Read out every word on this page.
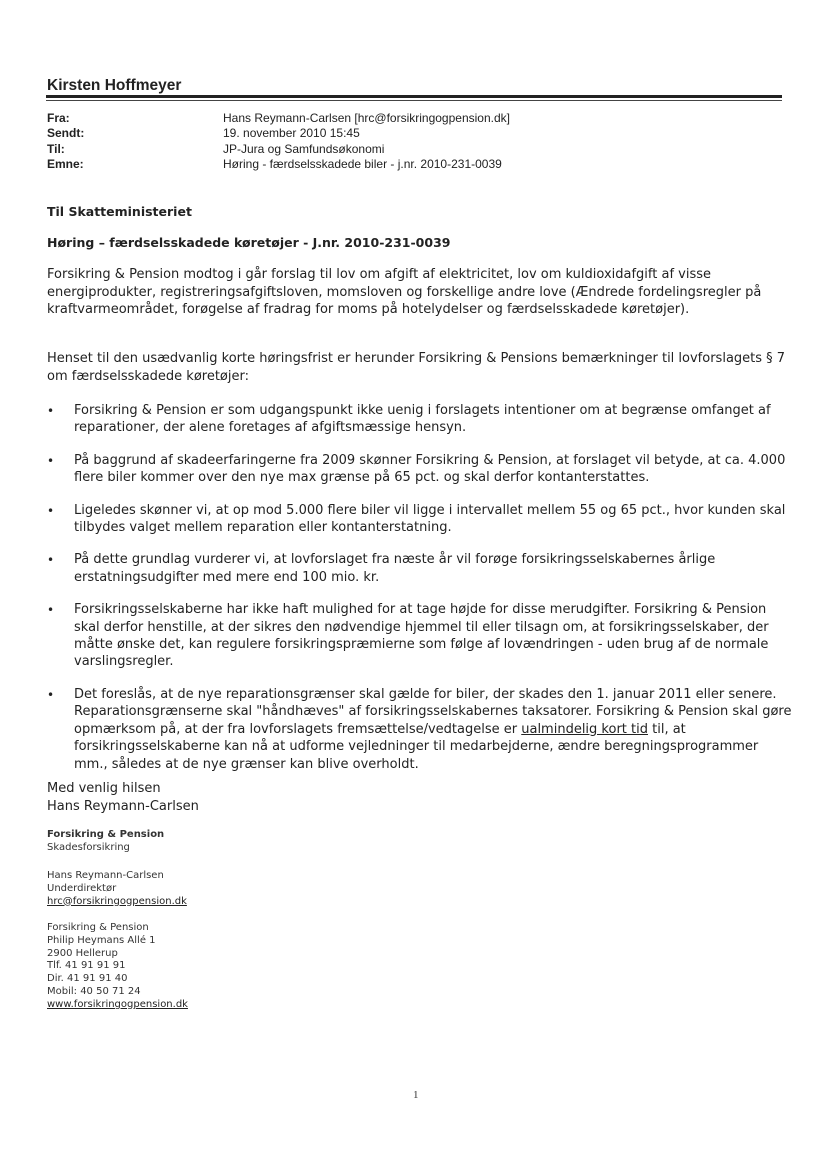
Kirsten Hoffmeyer
Fra:	Hans Reymann-Carlsen [hrc@forsikringogpension.dk]
Sendt:	19. november 2010 15:45
Til:	JP-Jura og Samfundsøkonomi
Emne:	Høring - færdselsskadede biler - j.nr. 2010-231-0039
Til Skatteministeriet
Høring – færdselsskadede køretøjer - J.nr. 2010-231-0039
Forsikring & Pension modtog i går forslag til lov om afgift af elektricitet, lov om kuldioxidafgift af visse energiprodukter, registreringsafgiftsloven, momsloven og forskellige andre love (Ændrede fordelingsregler på kraftvarmeområdet, forøgelse af fradrag for moms på hotelydelser og færdselsskadede køretøjer).
Henset til den usædvanlig korte høringsfrist er herunder Forsikring & Pensions bemærkninger til lovforslagets § 7 om færdselsskadede køretøjer:
• Forsikring & Pension er som udgangspunkt ikke uenig i forslagets intentioner om at begrænse omfanget af reparationer, der alene foretages af afgiftsmæssige hensyn.
• På baggrund af skadeerfaringerne fra 2009 skønner Forsikring & Pension, at forslaget vil betyde, at ca. 4.000 flere biler kommer over den nye max grænse på 65 pct. og skal derfor kontanterstattes.
• Ligeledes skønner vi, at op mod 5.000 flere biler vil ligge i intervallet mellem 55 og 65 pct., hvor kunden skal tilbydes valget mellem reparation eller kontanterstatning.
• På dette grundlag vurderer vi, at lovforslaget fra næste år vil forøge forsikringsselskabernes årlige erstatningsudgifter med mere end 100 mio. kr.
• Forsikringsselskaberne har ikke haft mulighed for at tage højde for disse merudgifter. Forsikring & Pension skal derfor henstille, at der sikres den nødvendige hjemmel til eller tilsagn om, at forsikringsselskaber, der måtte ønske det, kan regulere forsikringspræmierne som følge af lovændringen - uden brug af de normale varslingsregler.
• Det foreslås, at de nye reparationsgrænser skal gælde for biler, der skades den 1. januar 2011 eller senere. Reparationsgrænserne skal "håndhæves" af forsikringsselskabernes taksatorer. Forsikring & Pension skal gøre opmærksom på, at der fra lovforslagets fremsættelse/vedtagelse er ualmindelig kort tid til, at forsikringsselskaberne kan nå at udforme vejledninger til medarbejderne, ændre beregningsprogrammer mm., således at de nye grænser kan blive overholdt.
Med venlig hilsen
Hans Reymann-Carlsen
Forsikring & Pension
Skadesforsikring
Hans Reymann-Carlsen
Underdirektør
hrc@forsikringogpension.dk
Forsikring & Pension
Philip Heymans Allé 1
2900 Hellerup
Tlf. 41 91 91 91
Dir. 41 91 91 40
Mobil: 40 50 71 24
www.forsikringogpension.dk
1
